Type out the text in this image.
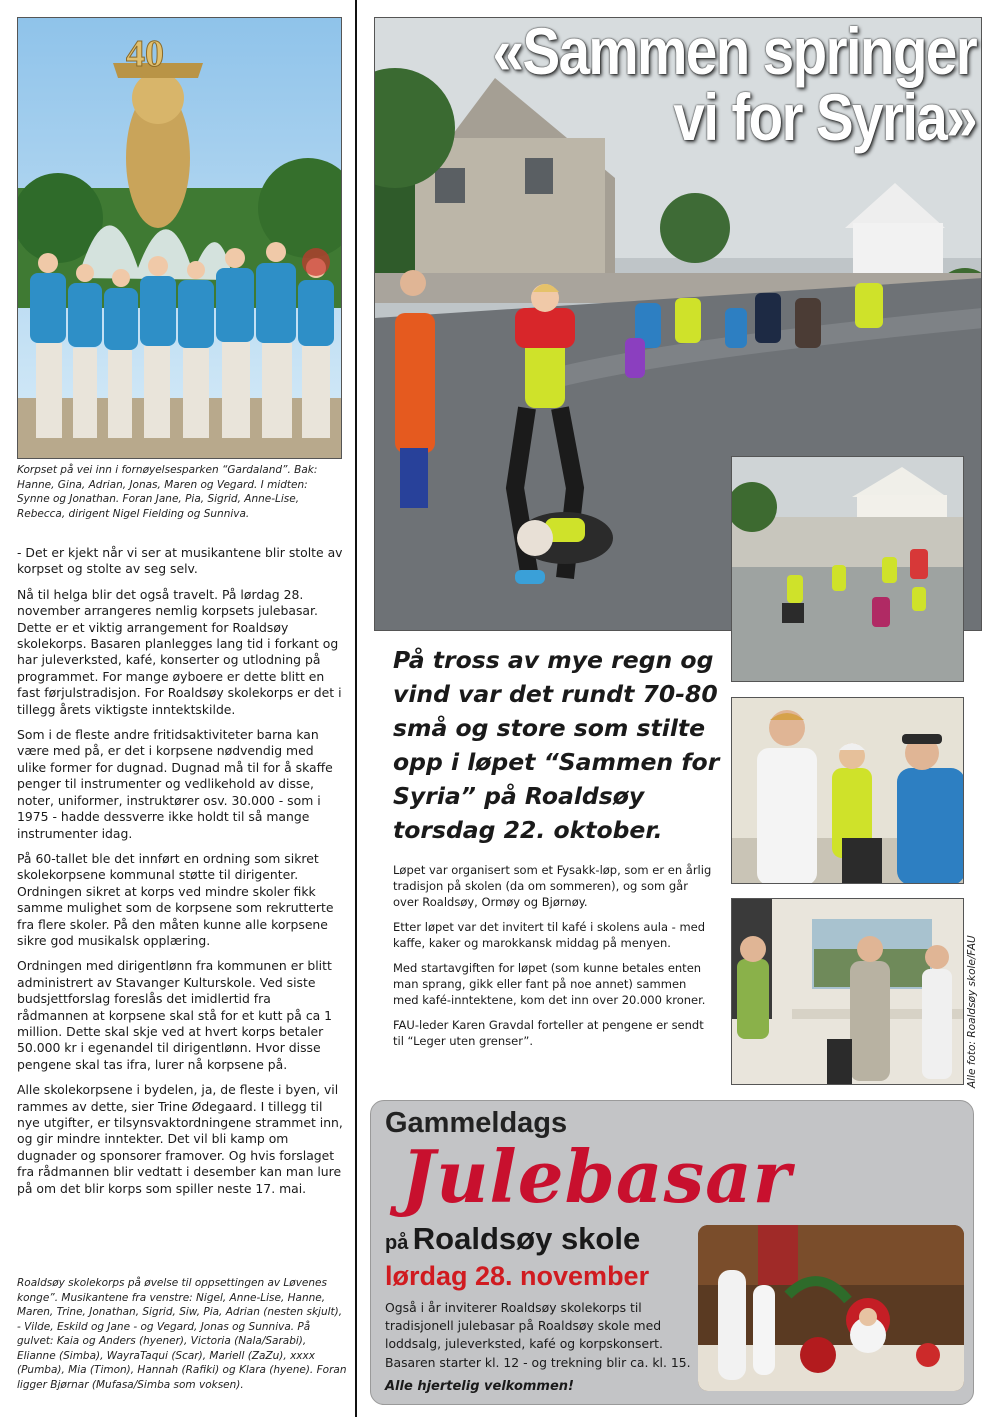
40
Korpset på vei inn i fornøyelsesparken “Gardaland”. Bak: Hanne, Gina, Adrian, Jonas, Maren og Vegard. I midten: Synne og Jonathan. Foran Jane, Pia, Sigrid, Anne-Lise, Rebecca, dirigent Nigel Fielding og Sunniva.

- Det er kjekt når vi ser at musikantene blir stolte av korpset og stolte av seg selv.

Nå til helga blir det også travelt. På lørdag 28. november arrangeres nemlig korpsets julebasar. Dette er et viktig arrangement for Roaldsøy skolekorps. Basaren planlegges lang tid i forkant og har juleverksted, kafé, konserter og utlodning på programmet. For mange øyboere er dette blitt en fast førjulstradisjon. For Roaldsøy skolekorps er det i tillegg årets viktigste inntektskilde.

Som i de fleste andre fritidsaktiviteter barna kan være med på, er det i korpsene nødvendig med ulike former for dugnad. Dugnad må til for å skaffe penger til instrumenter og vedlikehold av disse, noter, uniformer, instruktører osv. 30.000 - som i 1975 - hadde dessverre ikke holdt til så mange instrumenter idag.

På 60-tallet ble det innført en ordning som sikret skolekorpsene kommunal støtte til dirigenter. Ordningen sikret at korps ved mindre skoler fikk samme mulighet som de korpsene som rekrutterte fra flere skoler. På den måten kunne alle korpsene sikre god musikalsk opplæring.

Ordningen med dirigentlønn fra kommunen er blitt administrert av Stavanger Kulturskole. Ved siste budsjettforslag foreslås det imidlertid fra rådmannen at korpsene skal stå for et kutt på ca 1 million. Dette skal skje ved at hvert korps betaler 50.000 kr i egenandel til dirigentlønn. Hvor disse pengene skal tas ifra, lurer nå korpsene på.

Alle skolekorpsene i bydelen, ja, de fleste i byen, vil rammes av dette, sier Trine Ødegaard. I tillegg til nye utgifter, er tilsynsvaktordningene strammet inn, og gir mindre inntekter. Det vil bli kamp om dugnader og sponsorer framover. Og hvis forslaget fra rådmannen blir vedtatt i desember kan man lure på om det blir korps som spiller neste 17. mai.

Roaldsøy skolekorps på øvelse til oppsettingen av Løvenes konge”. Musikantene fra venstre: Nigel, Anne-Lise, Hanne, Maren, Trine, Jonathan, Sigrid, Siw, Pia, Adrian (nesten skjult), - Vilde, Eskild og Jane - og Vegard, Jonas og Sunniva. På gulvet: Kaia og Anders (hyener), Victoria (Nala/Sarabi), Elianne (Simba), WayraTaqui (Scar), Mariell (ZaZu), xxxx (Pumba), Mia (Timon), Hannah (Rafiki) og Klara (hyene). Foran ligger Bjørnar (Mufasa/Simba som voksen).
«Sammen springer vi for Syria»
På tross av mye regn og vind var det rundt 70-80 små og store som stilte opp i løpet “Sammen for Syria” på Roaldsøy torsdag 22. oktober.

Løpet var organisert som et Fysakk-løp, som er en årlig tradisjon på skolen (da om sommeren), og som går over Roaldsøy, Ormøy og Bjørnøy.

Etter løpet var det invitert til kafé i skolens aula - med kaffe, kaker og marokkansk middag på menyen.

Med startavgiften for løpet (som kunne betales enten man sprang, gikk eller fant på noe annet) sammen med kafé-inntektene, kom det inn over 20.000 kroner.

FAU-leder Karen Gravdal forteller at pengene er sendt til “Leger uten grenser”.	Alle foto: Roaldsøy skole/FAU
Gammeldags
Julebasar
på Roaldsøy skole
lørdag 28. november
Også i år inviterer Roaldsøy skolekorps til tradisjonell julebasar på Roaldsøy skole med loddsalg, juleverksted, kafé og korpskonsert.
Basaren starter kl. 12 - og trekning blir ca. kl. 15.
Alle hjertelig velkommen!
